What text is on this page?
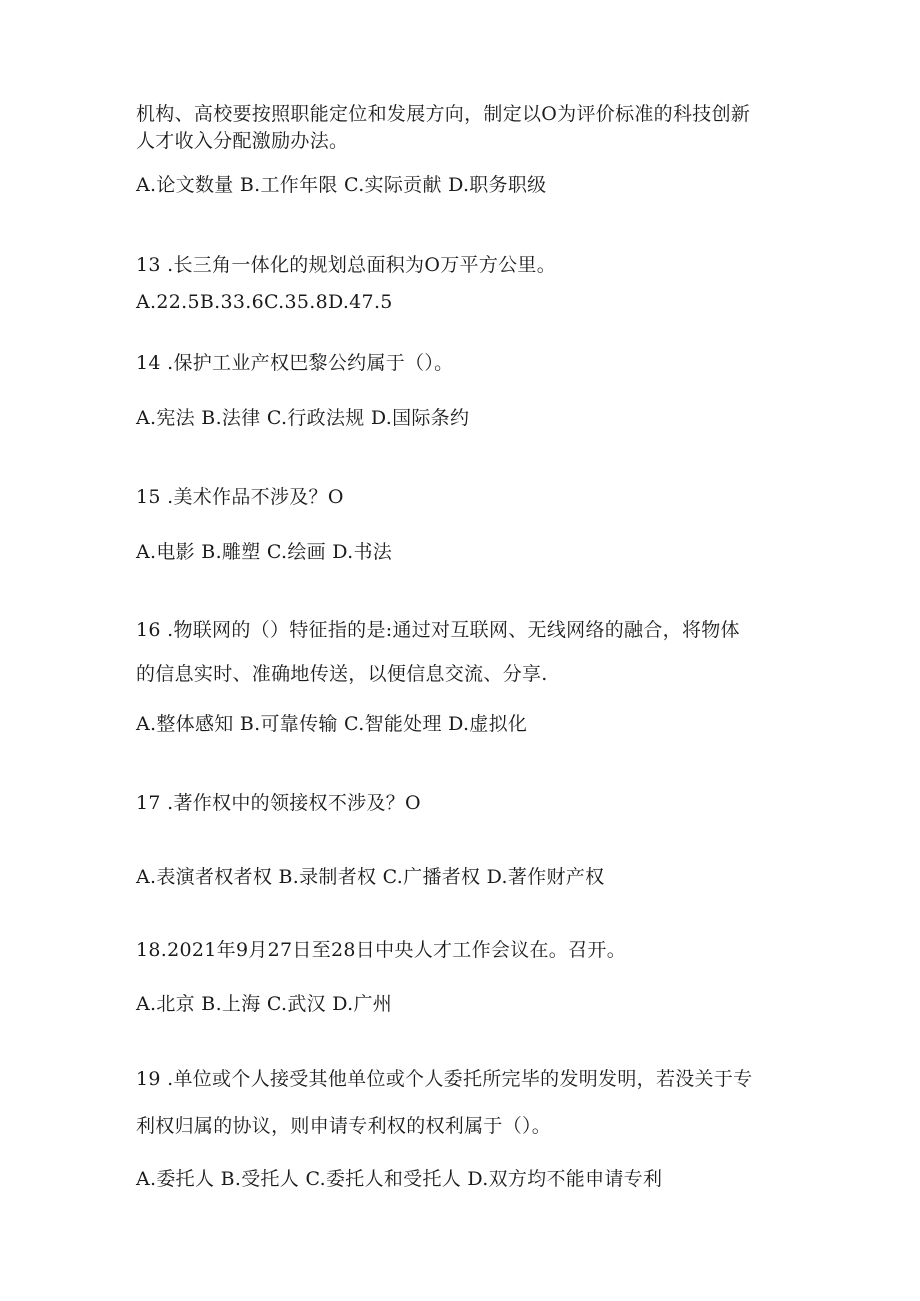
机构、高校要按照职能定位和发展方向，制定以O为评价标准的科技创新
人才收入分配激励办法。
A.论文数量 B.工作年限 C.实际贡献 D.职务职级
13 .长三角一体化的规划总面积为O万平方公里。
A.22.5B.33.6C.35.8D.47.5
14 .保护工业产权巴黎公约属于（）。
A.宪法 B.法律 C.行政法规 D.国际条约
15 .美术作品不涉及？O
A.电影 B.雕塑 C.绘画 D.书法
16 .物联网的（）特征指的是:通过对互联网、无线网络的融合，将物体
的信息实时、准确地传送，以便信息交流、分享.
A.整体感知 B.可靠传输 C.智能处理 D.虚拟化
17 .著作权中的领接权不涉及？O
A.表演者权者权 B.录制者权 C.广播者权 D.著作财产权
18.2021年9月27日至28日中央人才工作会议在。召开。
A.北京 B.上海 C.武汉 D.广州
19 .单位或个人接受其他单位或个人委托所完毕的发明发明，若没关于专
利权归属的协议，则申请专利权的权利属于（）。
A.委托人 B.受托人 C.委托人和受托人 D.双方均不能申请专利
